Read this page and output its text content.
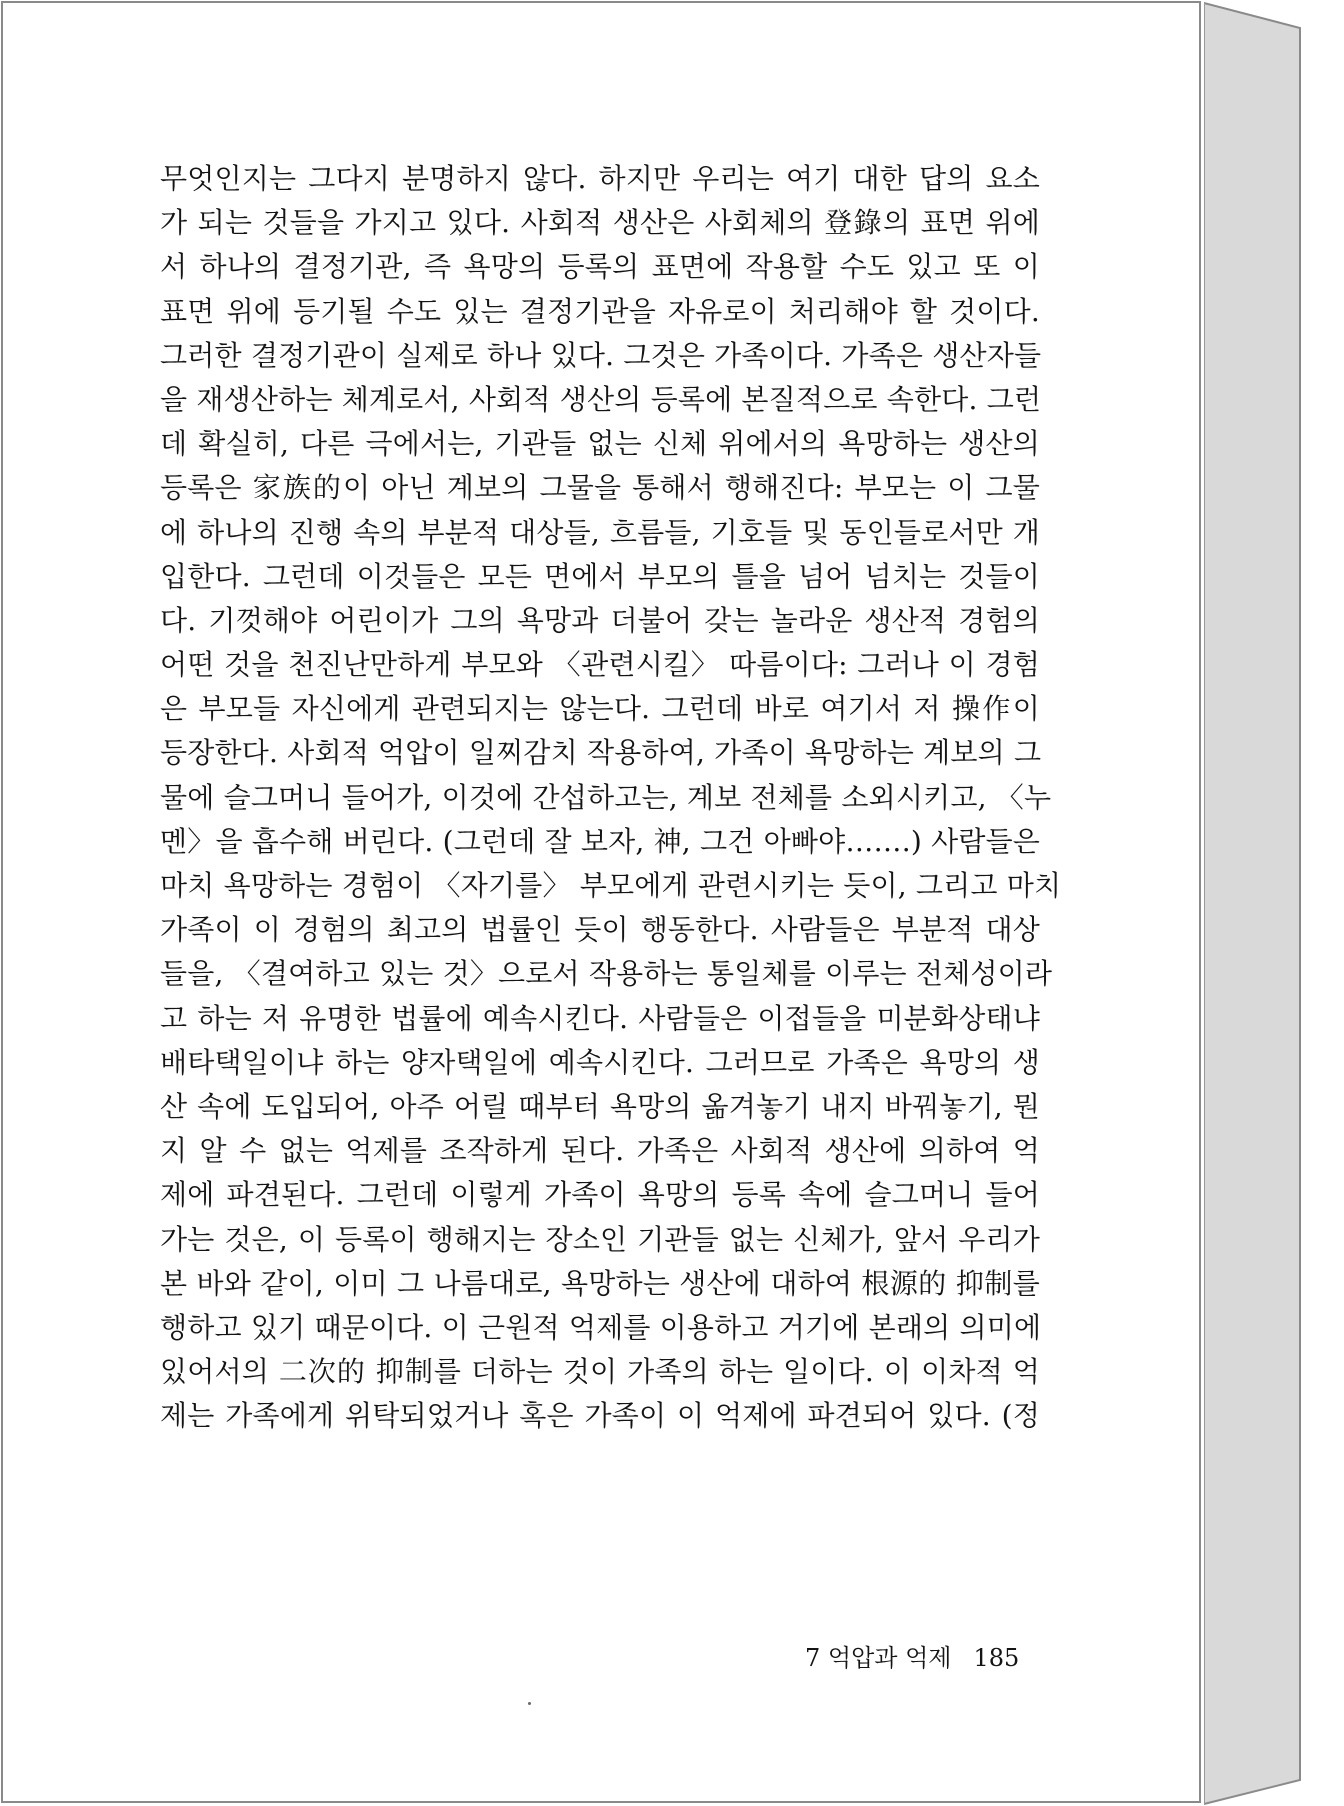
무엇인지는 그다지 분명하지 않다. 하지만 우리는 여기 대한 답의 요소
가 되는 것들을 가지고 있다. 사회적 생산은 사회체의 登錄의 표면 위에
서 하나의 결정기관, 즉 욕망의 등록의 표면에 작용할 수도 있고 또 이
표면 위에 등기될 수도 있는 결정기관을 자유로이 처리해야 할 것이다.
그러한 결정기관이 실제로 하나 있다. 그것은 가족이다. 가족은 생산자들
을 재생산하는 체계로서, 사회적 생산의 등록에 본질적으로 속한다. 그런
데 확실히, 다른 극에서는, 기관들 없는 신체 위에서의 욕망하는 생산의
등록은 家族的이 아닌 계보의 그물을 통해서 행해진다: 부모는 이 그물
에 하나의 진행 속의 부분적 대상들, 흐름들, 기호들 및 동인들로서만 개
입한다. 그런데 이것들은 모든 면에서 부모의 틀을 넘어 넘치는 것들이
다. 기껏해야 어린이가 그의 욕망과 더불어 갖는 놀라운 생산적 경험의
어떤 것을 천진난만하게 부모와 〈관련시킬〉 따름이다: 그러나 이 경험
은 부모들 자신에게 관련되지는 않는다. 그런데 바로 여기서 저 操作이
등장한다. 사회적 억압이 일찌감치 작용하여, 가족이 욕망하는 계보의 그
물에 슬그머니 들어가, 이것에 간섭하고는, 계보 전체를 소외시키고, 〈누
멘〉을 흡수해 버린다. (그런데 잘 보자, 神, 그건 아빠야…….) 사람들은
마치 욕망하는 경험이 〈자기를〉 부모에게 관련시키는 듯이, 그리고 마치
가족이 이 경험의 최고의 법률인 듯이 행동한다. 사람들은 부분적 대상
들을, 〈결여하고 있는 것〉으로서 작용하는 통일체를 이루는 전체성이라
고 하는 저 유명한 법률에 예속시킨다. 사람들은 이접들을 미분화상태냐
배타택일이냐 하는 양자택일에 예속시킨다. 그러므로 가족은 욕망의 생
산 속에 도입되어, 아주 어릴 때부터 욕망의 옮겨놓기 내지 바꿔놓기, 뭔
지 알 수 없는 억제를 조작하게 된다. 가족은 사회적 생산에 의하여 억
제에 파견된다. 그런데 이렇게 가족이 욕망의 등록 속에 슬그머니 들어
가는 것은, 이 등록이 행해지는 장소인 기관들 없는 신체가, 앞서 우리가
본 바와 같이, 이미 그 나름대로, 욕망하는 생산에 대하여 根源的 抑制를
행하고 있기 때문이다. 이 근원적 억제를 이용하고 거기에 본래의 의미에
있어서의 二次的 抑制를 더하는 것이 가족의 하는 일이다. 이 이차적 억
제는 가족에게 위탁되었거나 혹은 가족이 이 억제에 파견되어 있다. (정
7 억압과 억제 185
